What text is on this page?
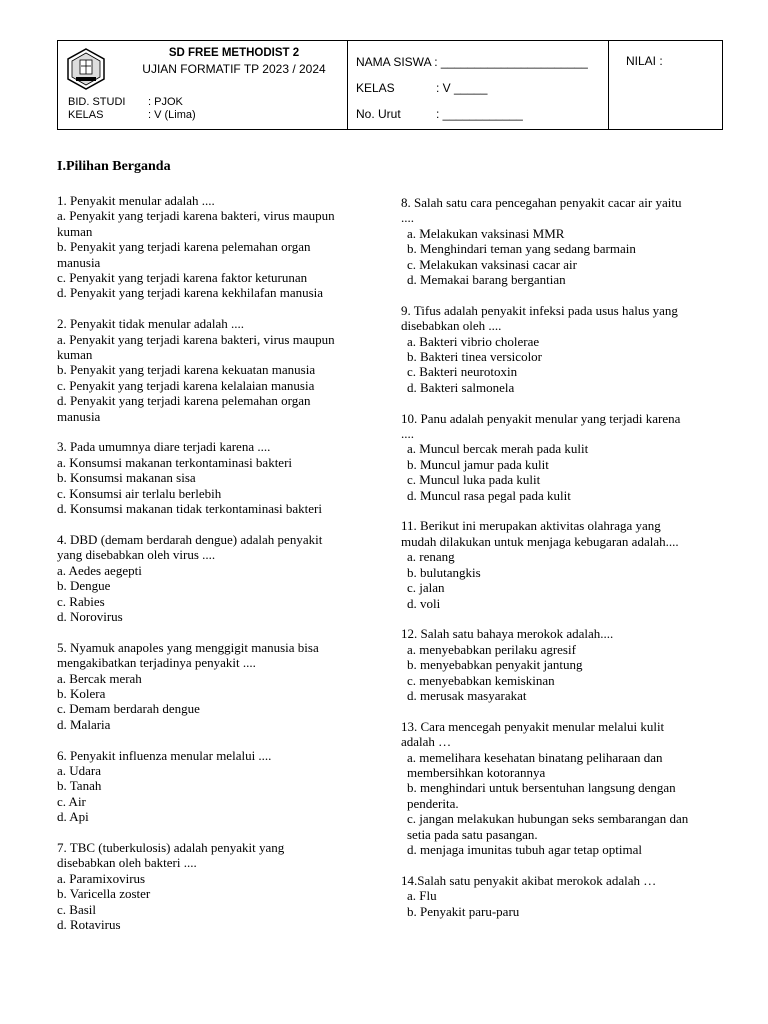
SD FREE METHODIST 2
UJIAN FORMATIF TP 2023 / 2024
BID. STUDI : PJOK
KELAS	: V (Lima)
NAMA SISWA : ______________________
KELAS	: V _____
No. Urut	: ____________
NILAI :
I.Pilihan Berganda

1. Penyakit menular adalah ....

a. Penyakit yang terjadi karena bakteri, virus maupun

kuman

b. Penyakit yang terjadi karena pelemahan organ

manusia

c. Penyakit yang terjadi karena faktor keturunan

d. Penyakit yang terjadi karena kekhilafan manusia

2. Penyakit tidak menular adalah ....

a. Penyakit yang terjadi karena bakteri, virus maupun

kuman

b. Penyakit yang terjadi karena kekuatan manusia

c. Penyakit yang terjadi karena kelalaian manusia

d. Penyakit yang terjadi karena pelemahan organ

manusia

3. Pada umumnya diare terjadi karena ....

a. Konsumsi makanan terkontaminasi bakteri

b. Konsumsi makanan sisa

c. Konsumsi air terlalu berlebih

d. Konsumsi makanan tidak terkontaminasi bakteri

4. DBD (demam berdarah dengue) adalah penyakit

yang disebabkan oleh virus ....

a. Aedes aegepti

b. Dengue

c. Rabies

d. Norovirus

5. Nyamuk anapoles yang menggigit manusia bisa

mengakibatkan terjadinya penyakit ....

a. Bercak merah

b. Kolera

c. Demam berdarah dengue

d. Malaria

6. Penyakit influenza menular melalui ....

a. Udara

b. Tanah

c. Air

d. Api

7. TBC (tuberkulosis) adalah penyakit yang

disebabkan oleh bakteri ....

a. Paramixovirus

b. Varicella zoster

c. Basil

d. Rotavirus

8. Salah satu cara pencegahan penyakit cacar air yaitu

....

a. Melakukan vaksinasi MMR

b. Menghindari teman yang sedang barmain

c. Melakukan vaksinasi cacar air

d. Memakai barang bergantian

9. Tifus adalah penyakit infeksi pada usus halus yang

disebabkan oleh ....

a. Bakteri vibrio cholerae

b. Bakteri tinea versicolor

c. Bakteri neurotoxin

d. Bakteri salmonela

10. Panu adalah penyakit menular yang terjadi karena

....

a. Muncul bercak merah pada kulit

b. Muncul jamur pada kulit

c. Muncul luka pada kulit

d. Muncul rasa pegal pada kulit

11. Berikut ini merupakan aktivitas olahraga yang

mudah dilakukan untuk menjaga kebugaran adalah....

a. renang

b. bulutangkis

c. jalan

d. voli

12. Salah satu bahaya merokok adalah....

a. menyebabkan perilaku agresif

b. menyebabkan penyakit jantung

c. menyebabkan kemiskinan

d. merusak masyarakat

13. Cara mencegah penyakit menular melalui kulit

adalah …

a. memelihara kesehatan binatang peliharaan dan

membersihkan kotorannya

b. menghindari untuk bersentuhan langsung dengan

penderita.

c. jangan melakukan hubungan seks sembarangan dan

setia pada satu pasangan.

d. menjaga imunitas tubuh agar tetap optimal

14.Salah satu penyakit akibat merokok adalah …

a. Flu

b. Penyakit paru-paru
